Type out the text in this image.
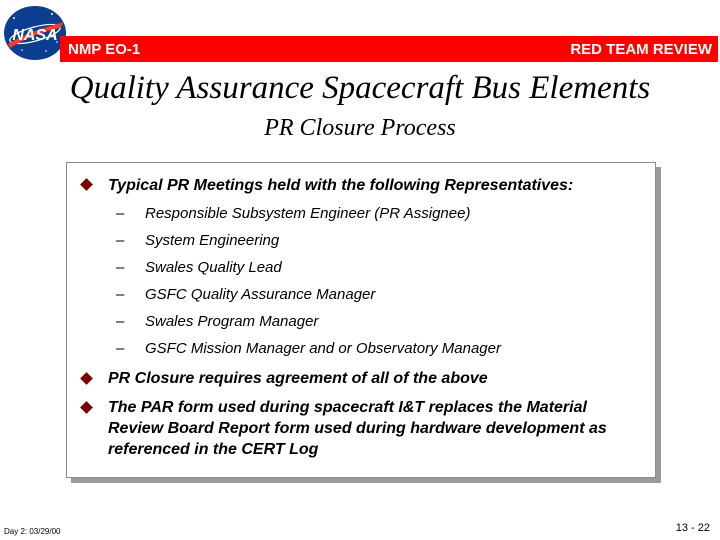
NASA
NMP EO-1	RED TEAM REVIEW
Quality Assurance Spacecraft Bus Elements
PR Closure Process
Typical PR Meetings held with the following Representatives:
– Responsible Subsystem Engineer (PR Assignee)
– System Engineering
– Swales Quality Lead
– GSFC Quality Assurance Manager
– Swales Program Manager
– GSFC Mission Manager and or Observatory Manager
PR Closure requires agreement of all of the above
The PAR form used during spacecraft I&T replaces the Material Review Board Report form used during hardware development as referenced in the CERT Log
Day 2: 03/29/00	13 - 22
